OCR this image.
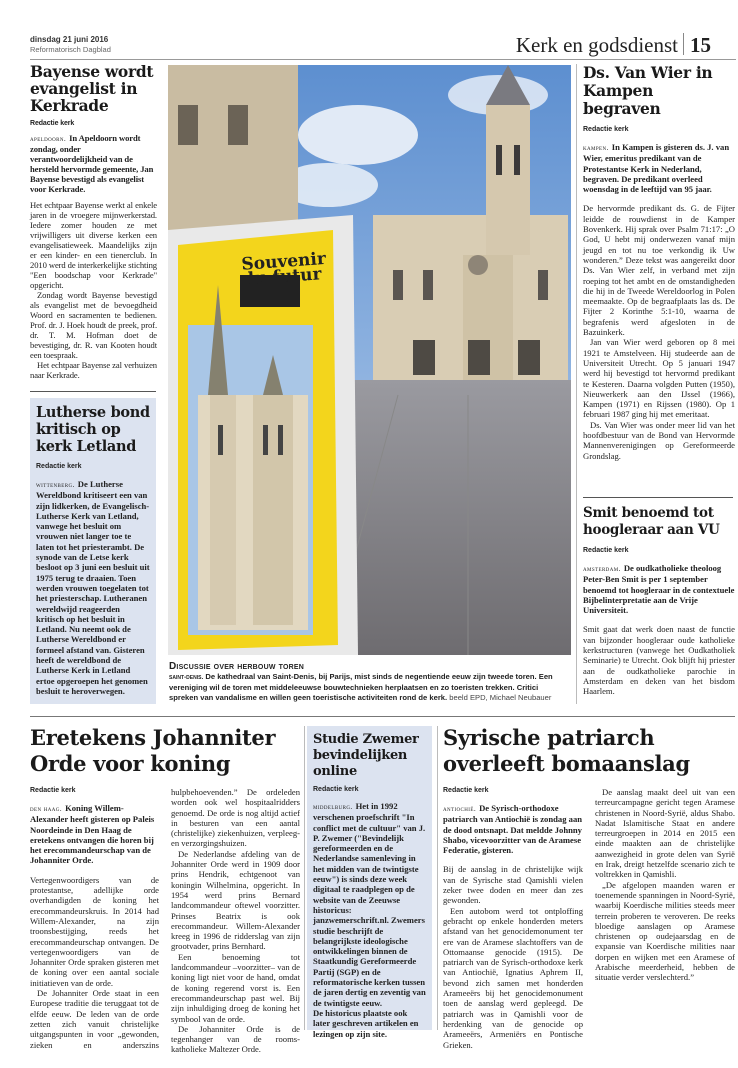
dinsdag 21 juni 2016
Reformatorisch Dagblad	Kerk en godsdienst 15
Bayense wordt evangelist in Kerkrade
Redactie kerk

apeldoorn. In Apeldoorn wordt zondag, onder verantwoordelijkheid van de hersteld hervormde gemeente, Jan Bayense bevestigd als evangelist voor Kerkrade.

Het echtpaar Bayense werkt al enkele jaren in de vroegere mijnwerkerstad. Iedere zomer houden ze met vrijwilligers uit diverse kerken een evangelisatieweek. Maandelijks zijn er een kinder- en een tienerclub. In 2010 werd de interkerkelijke stichting "Een boodschap voor Kerkrade" opgericht.

Zondag wordt Bayense bevestigd als evangelist met de bevoegdheid Woord en sacramenten te bedienen. Prof. dr. J. Hoek houdt de preek, prof. dr. T. M. Hofman doet de bevestiging, dr. R. van Kooten houdt een toespraak.

Het echtpaar Bayense zal verhuizen naar Kerkrade.

Lutherse bond kritisch op kerk Letland
Redactie kerk

wittenberg. De Lutherse Wereldbond kritiseert een van zijn lidkerken, de Evangelisch-Lutherse Kerk van Letland, vanwege het besluit om vrouwen niet langer toe te laten tot het priesterambt. De synode van de Letse kerk besloot op 3 juni een besluit uit 1975 terug te draaien. Toen werden vrouwen toegelaten tot het priesterschap. Lutheranen wereldwijd reageerden kritisch op het besluit in Letland. Nu neemt ook de Lutherse Wereldbond er formeel afstand van. Gisteren heeft de wereldbond de Lutherse Kerk in Letland ertoe opgeroepen het genomen besluit te heroverwegen.

Souvenir du futur
Discussie over herbouw toren

saint-denis. De kathedraal van Saint-Denis, bij Parijs, mist sinds de negentiende eeuw zijn tweede toren. Een vereniging wil de toren met middeleeuwse bouwtechnieken herplaatsen en zo toeristen trekken. Critici spreken van vandalisme en willen geen toeristische activiteiten rond de kerk. beeld EPD, Michael Neubauer

Ds. Van Wier in Kampen begraven
Redactie kerk

kampen. In Kampen is gisteren ds. J. van Wier, emeritus predikant van de Protestantse Kerk in Nederland, begraven. De predikant overleed woensdag in de leeftijd van 95 jaar.

De hervormde predikant ds. G. de Fijter leidde de rouwdienst in de Kamper Bovenkerk. Hij sprak over Psalm 71:17: „O God, U hebt mij onderwezen vanaf mijn jeugd en tot nu toe verkondig ik Uw wonderen.” Deze tekst was aangereikt door Ds. Van Wier zelf, in verband met zijn roeping tot het ambt en de omstandigheden die hij in de Tweede Wereldoorlog in Polen meemaakte. Op de begraafplaats las ds. De Fijter 2 Korinthe 5:1-10, waarna de begrafenis werd afgesloten in de Bazuinkerk.

Jan van Wier werd geboren op 8 mei 1921 te Amstelveen. Hij studeerde aan de Universiteit Utrecht. Op 5 januari 1947 werd hij bevestigd tot hervormd predikant te Kesteren. Daarna volgden Putten (1950), Nieuwerkerk aan den IJssel (1966), Kampen (1971) en Rijssen (1980). Op 1 februari 1987 ging hij met emeritaat.

Ds. Van Wier was onder meer lid van het hoofdbestuur van de Bond van Hervormde Mannenverenigingen op Gereformeerde Grondslag.

Smit benoemd tot hoogleraar aan VU
Redactie kerk

amsterdam. De oudkatholieke theoloog Peter-Ben Smit is per 1 september benoemd tot hoogleraar in de contextuele Bijbelinterpretatie aan de Vrije Universiteit.

Smit gaat dat werk doen naast de functie van bijzonder hoogleraar oude katholieke kerkstructuren (vanwege het Oudkatholiek Seminarie) te Utrecht. Ook blijft hij priester aan de oudkatholieke parochie in Amsterdam en deken van het bisdom Haarlem.

Eretekens Johanniter Orde voor koning
Redactie kerk

den haag. Koning Willem-Alexander heeft gisteren op Paleis Noordeinde in Den Haag de eretekens ontvangen die horen bij het erecommandeurschap van de Johanniter Orde.

Vertegenwoordigers van de protestantse, adellijke orde overhandigden de koning het erecommandeurskruis. In 2014 had Willem-Alexander, na zijn troonsbestijging, reeds het erecommandeurschap ontvangen. De vertegenwoordigers van de Johanniter Orde spraken gisteren met de koning over een aantal sociale initiatieven van de orde.

De Johanniter Orde staat in een Europese traditie die teruggaat tot de elfde eeuw. De leden van de orde zetten zich vanuit christelijke uitgangspunten in voor „gewonden, zieken en anderszins hulpbehoevenden.” De ordeleden worden ook wel hospitaalridders genoemd. De orde is nog altijd actief in besturen van een aantal (christelijke) ziekenhuizen, verpleeg- en verzorgingshuizen.

De Nederlandse afdeling van de Johanniter Orde werd in 1909 door prins Hendrik, echtgenoot van koningin Wilhelmina, opgericht. In 1954 werd prins Bernard landcommandeur oftewel voorzitter. Prinses Beatrix is ook erecommandeur. Willem-Alexander kreeg in 1996 de ridderslag van zijn grootvader, prins Bernhard.

Een benoeming tot landcommandeur –voorzitter– van de koning ligt niet voor de hand, omdat de koning regerend vorst is. Een erecommandeurschap past wel. Bij zijn inhuldiging droeg de koning het symbool van de orde.

De Johanniter Orde is de tegenhanger van de rooms-katholieke Maltezer Orde.

Studie Zwemer bevindelijken online
Redactie kerk

middelburg. Het in 1992 verschenen proefschrift "In conflict met de cultuur" van J. P. Zwemer ("Bevindelijk gereformeerden en de Nederlandse samenleving in het midden van de twintigste eeuw") is sinds deze week digitaal te raadplegen op de website van de Zeeuwse historicus: janzwemerschrift.nl. Zwemers studie beschrijft de belangrijkste ideologische ontwikkelingen binnen de Staatkundig Gereformeerde Partij (SGP) en de reformatorische kerken tussen de jaren dertig en zeventig van de twintigste eeuw.

De historicus plaatste ook later geschreven artikelen en lezingen op zijn site.

Syrische patriarch overleeft bomaanslag
Redactie kerk

antiochië. De Syrisch-orthodoxe patriarch van Antiochië is zondag aan de dood ontsnapt. Dat meldde Johnny Shabo, vicevoorzitter van de Aramese Federatie, gisteren.

Bij de aanslag in de christelijke wijk van de Syrische stad Qamishli vielen zeker twee doden en meer dan zes gewonden.

Een autobom werd tot ontploffing gebracht op enkele honderden meters afstand van het genocidemonument ter ere van de Aramese slachtoffers van de Ottomaanse genocide (1915). De patriarch van de Syrisch-orthodoxe kerk van Antiochië, Ignatius Aphrem II, bevond zich samen met honderden Arameeërs bij het genocidemonument toen de aanslag werd gepleegd. De patriarch was in Qamishli voor de herdenking van de genocide op Arameeërs, Armeniërs en Pontische Grieken.

De aanslag maakt deel uit van een terreurcampagne gericht tegen Aramese christenen in Noord-Syrië, aldus Shabo. Nadat Islamitische Staat en andere terreurgroepen in 2014 en 2015 een einde maakten aan de christelijke aanwezigheid in grote delen van Syrië en Irak, dreigt hetzelfde scenario zich te voltrekken in Qamishli.

„De afgelopen maanden waren er toenemende spanningen in Noord-Syrië, waarbij Koerdische milities steeds meer terrein proberen te veroveren. De reeks bloedige aanslagen op Aramese christenen op oudejaarsdag en de expansie van Koerdische milities naar dorpen en wijken met een Aramese of Arabische meerderheid, hebben de situatie verder verslechterd.”
